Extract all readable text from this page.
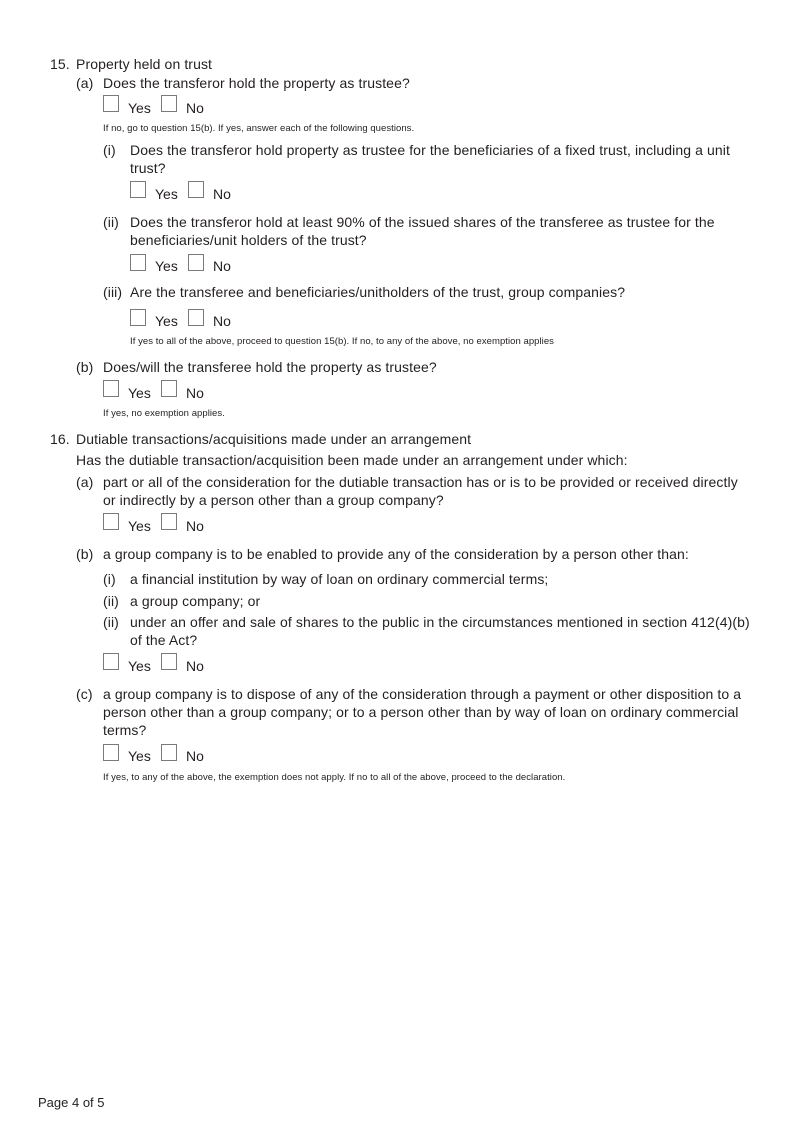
15. Property held on trust
(a) Does the transferor hold the property as trustee?
Yes	No
If no, go to question 15(b). If yes, answer each of the following questions.
(i) Does the transferor hold property as trustee for the beneficiaries of a fixed trust, including a unit
trust?
Yes	No
(ii) Does the transferor hold at least 90% of the issued shares of the transferee as trustee for the
beneficiaries/unit holders of the trust?
Yes	No
(iii) Are the transferee and beneficiaries/unitholders of the trust, group companies?
Yes	No
If yes to all of the above, proceed to question 15(b). If no, to any of the above, no exemption applies
(b) Does/will the transferee hold the property as trustee?
Yes	No
If yes, no exemption applies.
16. Dutiable transactions/acquisitions made under an arrangement
Has the dutiable transaction/acquisition been made under an arrangement under which:
(a) part or all of the consideration for the dutiable transaction has or is to be provided or received directly
or indirectly by a person other than a group company?
Yes	No
(b) a group company is to be enabled to provide any of the consideration by a person other than:
(i) a financial institution by way of loan on ordinary commercial terms;
(ii) a group company; or
(ii) under an offer and sale of shares to the public in the circumstances mentioned in section 412(4)(b)
of the Act?
Yes	No
(c) a group company is to dispose of any of the consideration through a payment or other disposition to a
person other than a group company; or to a person other than by way of loan on ordinary commercial
terms?
Yes	No
If yes, to any of the above, the exemption does not apply. If no to all of the above, proceed to the declaration.
Page 4 of 5
